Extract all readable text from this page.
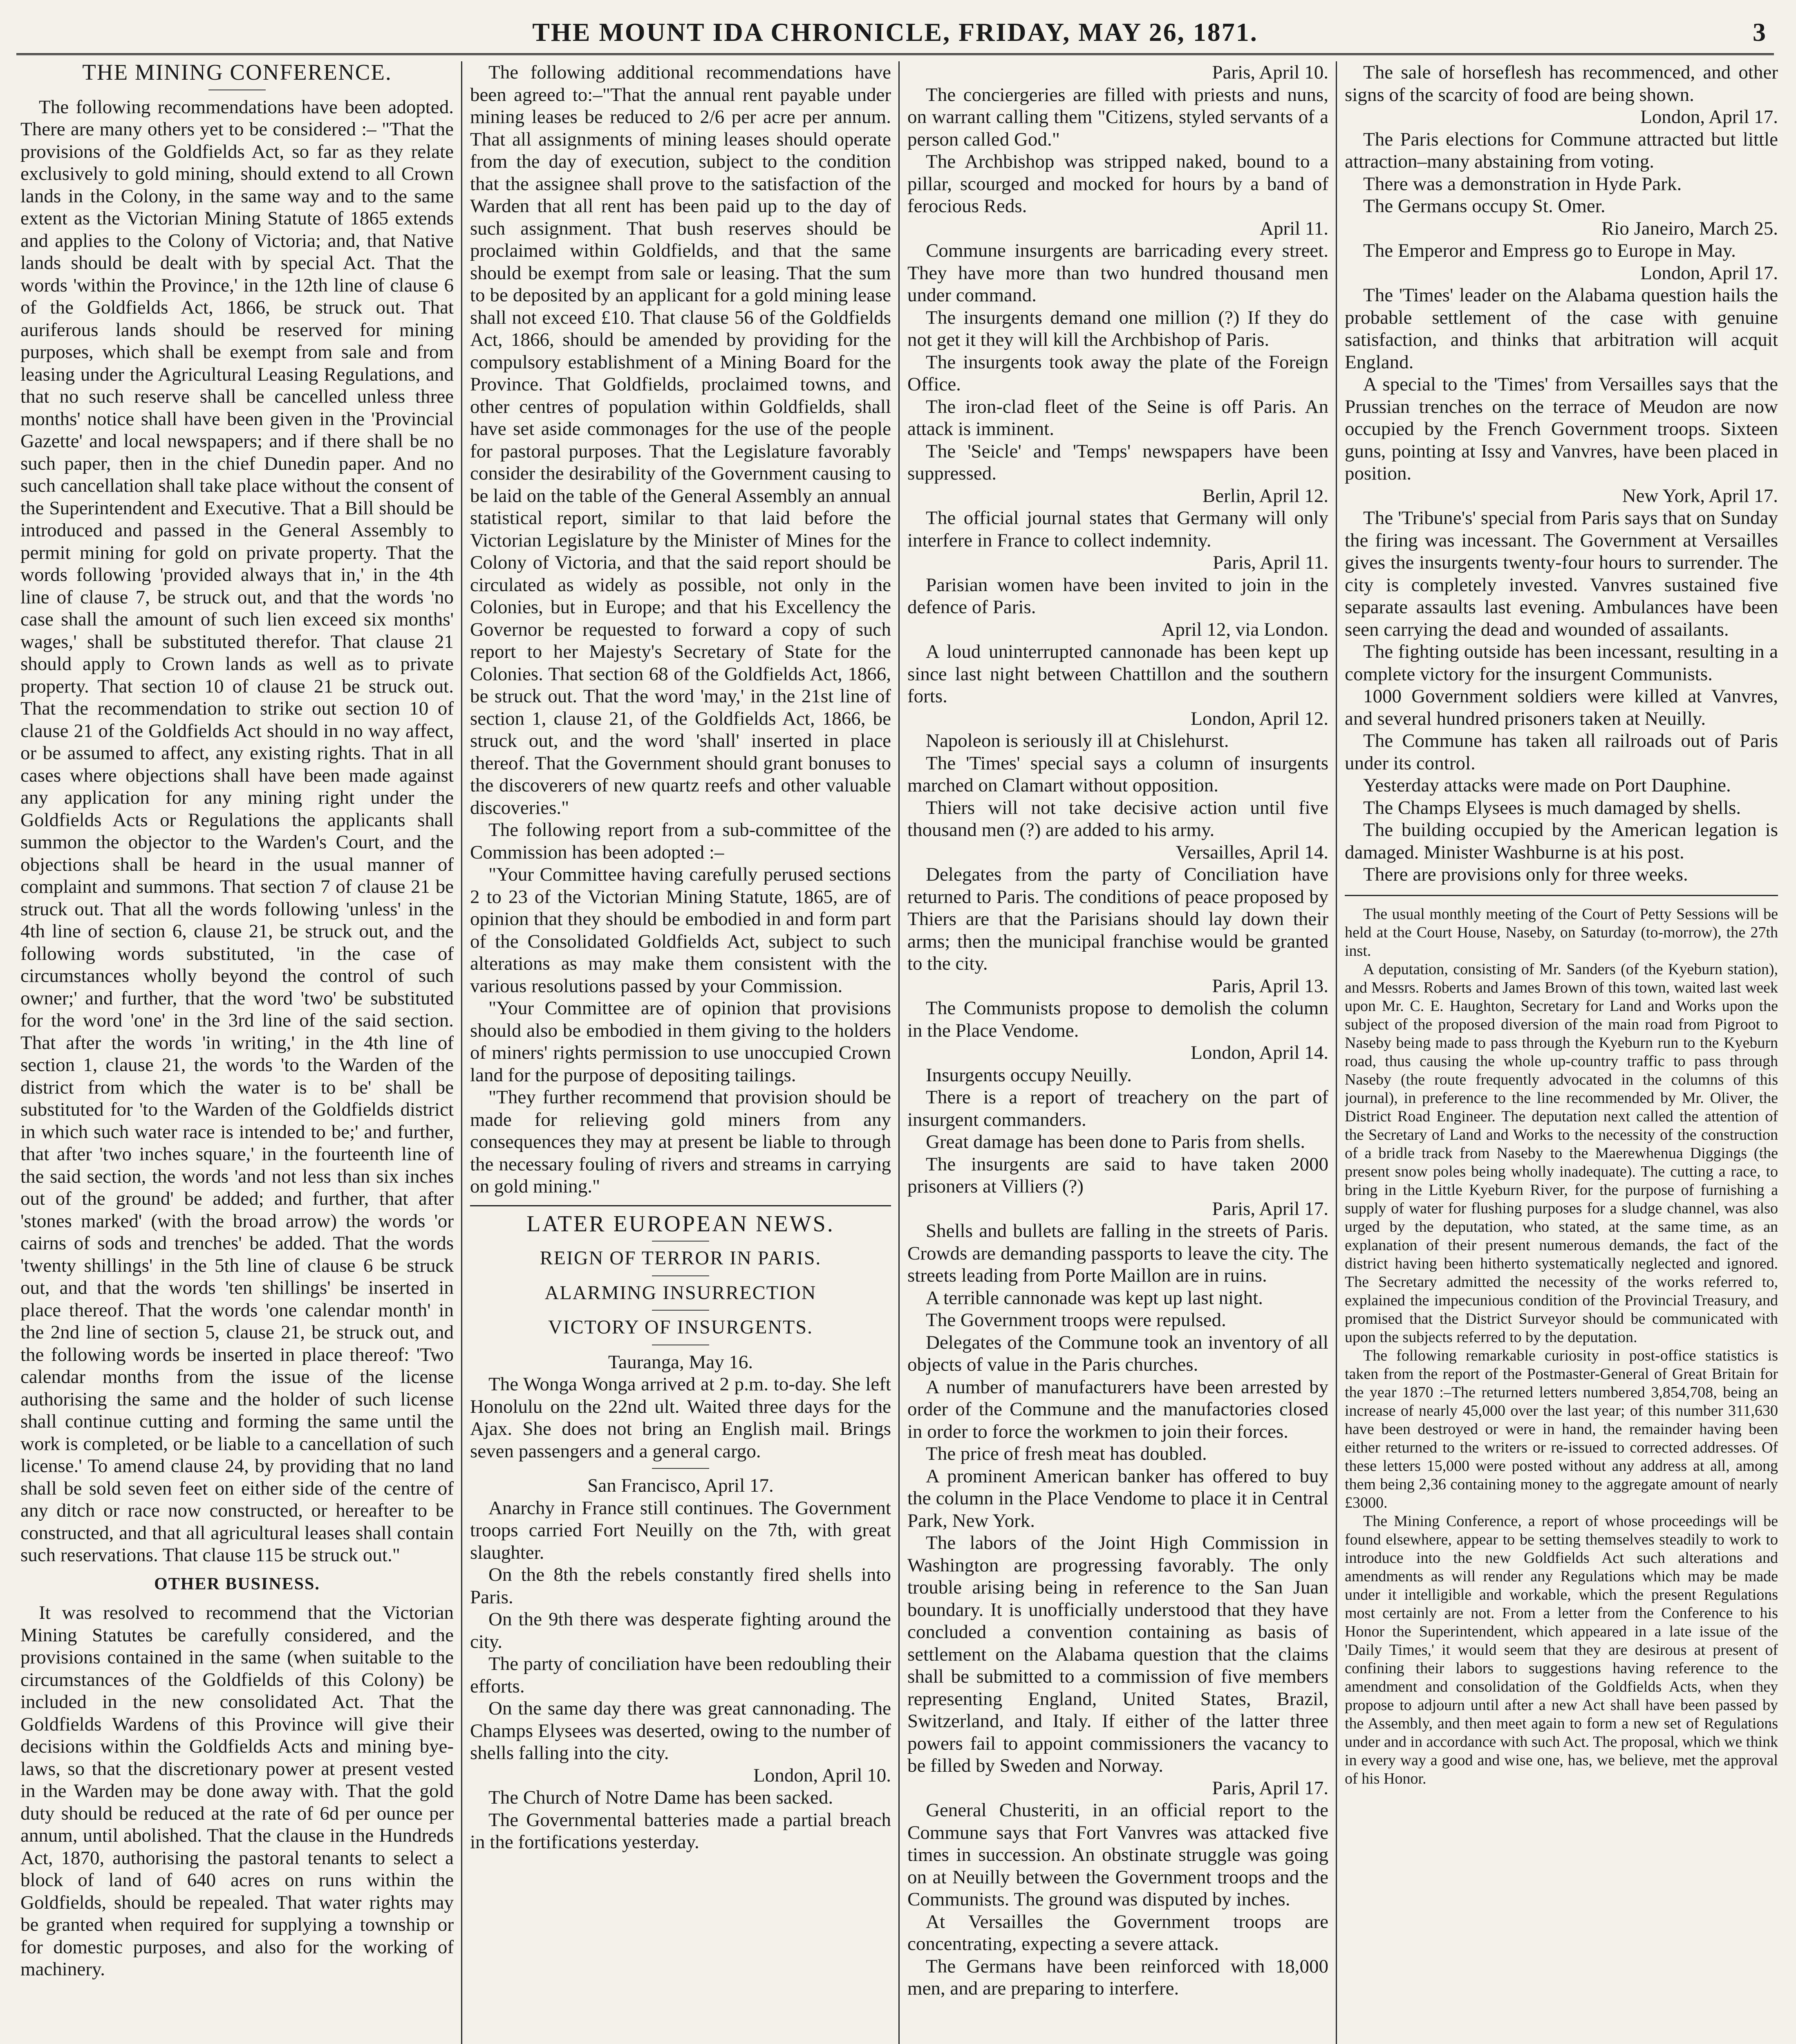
THE MOUNT IDA CHRONICLE, FRIDAY, MAY 26, 1871.	3
THE MINING CONFERENCE.

The following recommendations have been adopted. There are many others yet to be considered :– "That the provisions of the Goldfields Act, so far as they relate exclusively to gold mining, should extend to all Crown lands in the Colony, in the same way and to the same extent as the Victorian Mining Statute of 1865 extends and applies to the Colony of Victoria; and, that Native lands should be dealt with by special Act. That the words 'within the Province,' in the 12th line of clause 6 of the Goldfields Act, 1866, be struck out. That auriferous lands should be reserved for mining purposes, which shall be exempt from sale and from leasing under the Agricultural Leasing Regulations, and that no such reserve shall be cancelled unless three months' notice shall have been given in the 'Provincial Gazette' and local newspapers; and if there shall be no such paper, then in the chief Dunedin paper. And no such cancellation shall take place without the consent of the Superintendent and Executive. That a Bill should be introduced and passed in the General Assembly to permit mining for gold on private property. That the words following 'provided always that in,' in the 4th line of clause 7, be struck out, and that the words 'no case shall the amount of such lien exceed six months' wages,' shall be substituted therefor. That clause 21 should apply to Crown lands as well as to private property. That section 10 of clause 21 be struck out. That the recommendation to strike out section 10 of clause 21 of the Goldfields Act should in no way affect, or be assumed to affect, any existing rights. That in all cases where objections shall have been made against any application for any mining right under the Goldfields Acts or Regulations the applicants shall summon the objector to the Warden's Court, and the objections shall be heard in the usual manner of complaint and summons. That section 7 of clause 21 be struck out. That all the words following 'unless' in the 4th line of section 6, clause 21, be struck out, and the following words substituted, 'in the case of circumstances wholly beyond the control of such owner;' and further, that the word 'two' be substituted for the word 'one' in the 3rd line of the said section. That after the words 'in writing,' in the 4th line of section 1, clause 21, the words 'to the Warden of the district from which the water is to be' shall be substituted for 'to the Warden of the Goldfields district in which such water race is intended to be;' and further, that after 'two inches square,' in the fourteenth line of the said section, the words 'and not less than six inches out of the ground' be added; and further, that after 'stones marked' (with the broad arrow) the words 'or cairns of sods and trenches' be added. That the words 'twenty shillings' in the 5th line of clause 6 be struck out, and that the words 'ten shillings' be inserted in place thereof. That the words 'one calendar month' in the 2nd line of section 5, clause 21, be struck out, and the following words be inserted in place thereof: 'Two calendar months from the issue of the license authorising the same and the holder of such license shall continue cutting and forming the same until the work is completed, or be liable to a cancellation of such license.' To amend clause 24, by providing that no land shall be sold seven feet on either side of the centre of any ditch or race now constructed, or hereafter to be constructed, and that all agricultural leases shall contain such reservations. That clause 115 be struck out."

OTHER BUSINESS.

It was resolved to recommend that the Victorian Mining Statutes be carefully considered, and the provisions contained in the same (when suitable to the circumstances of the Goldfields of this Colony) be included in the new consolidated Act. That the Goldfields Wardens of this Province will give their decisions within the Goldfields Acts and mining bye-laws, so that the discretionary power at present vested in the Warden may be done away with. That the gold duty should be reduced at the rate of 6d per ounce per annum, until abolished. That the clause in the Hundreds Act, 1870, authorising the pastoral tenants to select a block of land of 640 acres on runs within the Goldfields, should be repealed. That water rights may be granted when required for supplying a township or for domestic purposes, and also for the working of machinery.

The following additional recommendations have been agreed to:–"That the annual rent payable under mining leases be reduced to 2/6 per acre per annum. That all assignments of mining leases should operate from the day of execution, subject to the condition that the assignee shall prove to the satisfaction of the Warden that all rent has been paid up to the day of such assignment. That bush reserves should be proclaimed within Goldfields, and that the same should be exempt from sale or leasing. That the sum to be deposited by an applicant for a gold mining lease shall not exceed £10. That clause 56 of the Goldfields Act, 1866, should be amended by providing for the compulsory establishment of a Mining Board for the Province. That Goldfields, proclaimed towns, and other centres of population within Goldfields, shall have set aside commonages for the use of the people for pastoral purposes. That the Legislature favorably consider the desirability of the Government causing to be laid on the table of the General Assembly an annual statistical report, similar to that laid before the Victorian Legislature by the Minister of Mines for the Colony of Victoria, and that the said report should be circulated as widely as possible, not only in the Colonies, but in Europe; and that his Excellency the Governor be requested to forward a copy of such report to her Majesty's Secretary of State for the Colonies. That section 68 of the Goldfields Act, 1866, be struck out. That the word 'may,' in the 21st line of section 1, clause 21, of the Goldfields Act, 1866, be struck out, and the word 'shall' inserted in place thereof. That the Government should grant bonuses to the discoverers of new quartz reefs and other valuable discoveries."

The following report from a sub-committee of the Commission has been adopted :–

"Your Committee having carefully perused sections 2 to 23 of the Victorian Mining Statute, 1865, are of opinion that they should be embodied in and form part of the Consolidated Goldfields Act, subject to such alterations as may make them consistent with the various resolutions passed by your Commission.

"Your Committee are of opinion that provisions should also be embodied in them giving to the holders of miners' rights permission to use unoccupied Crown land for the purpose of depositing tailings.

"They further recommend that provision should be made for relieving gold miners from any consequences they may at present be liable to through the necessary fouling of rivers and streams in carrying on gold mining."

LATER EUROPEAN NEWS.
REIGN OF TERROR IN PARIS.
ALARMING INSURRECTION
VICTORY OF INSURGENTS.

Tauranga, May 16.

The Wonga Wonga arrived at 2 p.m. to-day. She left Honolulu on the 22nd ult. Waited three days for the Ajax. She does not bring an English mail. Brings seven passengers and a general cargo.

San Francisco, April 17.

Anarchy in France still continues. The Government troops carried Fort Neuilly on the 7th, with great slaughter.

On the 8th the rebels constantly fired shells into Paris.

On the 9th there was desperate fighting around the city.

The party of conciliation have been redoubling their efforts.

On the same day there was great cannonading. The Champs Elysees was deserted, owing to the number of shells falling into the city.

London, April 10.

The Church of Notre Dame has been sacked.

The Governmental batteries made a partial breach in the fortifications yesterday.

Paris, April 10.

The conciergeries are filled with priests and nuns, on warrant calling them "Citizens, styled servants of a person called God."

The Archbishop was stripped naked, bound to a pillar, scourged and mocked for hours by a band of ferocious Reds.

April 11.

Commune insurgents are barricading every street. They have more than two hundred thousand men under command.

The insurgents demand one million (?) If they do not get it they will kill the Archbishop of Paris.

The insurgents took away the plate of the Foreign Office.

The iron-clad fleet of the Seine is off Paris. An attack is imminent.

The 'Seicle' and 'Temps' newspapers have been suppressed.

Berlin, April 12.

The official journal states that Germany will only interfere in France to collect indemnity.

Paris, April 11.

Parisian women have been invited to join in the defence of Paris.

April 12, via London.

A loud uninterrupted cannonade has been kept up since last night between Chattillon and the southern forts.

London, April 12.

Napoleon is seriously ill at Chislehurst.

The 'Times' special says a column of insurgents marched on Clamart without opposition.

Thiers will not take decisive action until five thousand men (?) are added to his army.

Versailles, April 14.

Delegates from the party of Conciliation have returned to Paris. The conditions of peace proposed by Thiers are that the Parisians should lay down their arms; then the municipal franchise would be granted to the city.

Paris, April 13.

The Communists propose to demolish the column in the Place Vendome.

London, April 14.

Insurgents occupy Neuilly.

There is a report of treachery on the part of insurgent commanders.

Great damage has been done to Paris from shells.

The insurgents are said to have taken 2000 prisoners at Villiers (?)

Paris, April 17.

Shells and bullets are falling in the streets of Paris. Crowds are demanding passports to leave the city. The streets leading from Porte Maillon are in ruins.

A terrible cannonade was kept up last night.

The Government troops were repulsed.

Delegates of the Commune took an inventory of all objects of value in the Paris churches.

A number of manufacturers have been arrested by order of the Commune and the manufactories closed in order to force the workmen to join their forces.

The price of fresh meat has doubled.

A prominent American banker has offered to buy the column in the Place Vendome to place it in Central Park, New York.

The labors of the Joint High Commission in Washington are progressing favorably. The only trouble arising being in reference to the San Juan boundary. It is unofficially understood that they have concluded a convention containing as basis of settlement on the Alabama question that the claims shall be submitted to a commission of five members representing England, United States, Brazil, Switzerland, and Italy. If either of the latter three powers fail to appoint commissioners the vacancy to be filled by Sweden and Norway.

Paris, April 17.

General Chusteriti, in an official report to the Commune says that Fort Vanvres was attacked five times in succession. An obstinate struggle was going on at Neuilly between the Government troops and the Communists. The ground was disputed by inches.

At Versailles the Government troops are concentrating, expecting a severe attack.

The Germans have been reinforced with 18,000 men, and are preparing to interfere.

The sale of horseflesh has recommenced, and other signs of the scarcity of food are being shown.

London, April 17.

The Paris elections for Commune attracted but little attraction–many abstaining from voting.

There was a demonstration in Hyde Park.

The Germans occupy St. Omer.

Rio Janeiro, March 25.

The Emperor and Empress go to Europe in May.

London, April 17.

The 'Times' leader on the Alabama question hails the probable settlement of the case with genuine satisfaction, and thinks that arbitration will acquit England.

A special to the 'Times' from Versailles says that the Prussian trenches on the terrace of Meudon are now occupied by the French Government troops. Sixteen guns, pointing at Issy and Vanvres, have been placed in position.

New York, April 17.

The 'Tribune's' special from Paris says that on Sunday the firing was incessant. The Government at Versailles gives the insurgents twenty-four hours to surrender. The city is completely invested. Vanvres sustained five separate assaults last evening. Ambulances have been seen carrying the dead and wounded of assailants.

The fighting outside has been incessant, resulting in a complete victory for the insurgent Communists.

1000 Government soldiers were killed at Vanvres, and several hundred prisoners taken at Neuilly.

The Commune has taken all railroads out of Paris under its control.

Yesterday attacks were made on Port Dauphine.

The Champs Elysees is much damaged by shells.

The building occupied by the American legation is damaged. Minister Washburne is at his post.

There are provisions only for three weeks.

The usual monthly meeting of the Court of Petty Sessions will be held at the Court House, Naseby, on Saturday (to-morrow), the 27th inst.

A deputation, consisting of Mr. Sanders (of the Kyeburn station), and Messrs. Roberts and James Brown of this town, waited last week upon Mr. C. E. Haughton, Secretary for Land and Works upon the subject of the proposed diversion of the main road from Pigroot to Naseby being made to pass through the Kyeburn run to the Kyeburn road, thus causing the whole up-country traffic to pass through Naseby (the route frequently advocated in the columns of this journal), in preference to the line recommended by Mr. Oliver, the District Road Engineer. The deputation next called the attention of the Secretary of Land and Works to the necessity of the construction of a bridle track from Naseby to the Maerewhenua Diggings (the present snow poles being wholly inadequate). The cutting a race, to bring in the Little Kyeburn River, for the purpose of furnishing a supply of water for flushing purposes for a sludge channel, was also urged by the deputation, who stated, at the same time, as an explanation of their present numerous demands, the fact of the district having been hitherto systematically neglected and ignored. The Secretary admitted the necessity of the works referred to, explained the impecunious condition of the Provincial Treasury, and promised that the District Surveyor should be communicated with upon the subjects referred to by the deputation.

The following remarkable curiosity in post-office statistics is taken from the report of the Postmaster-General of Great Britain for the year 1870 :–The returned letters numbered 3,854,708, being an increase of nearly 45,000 over the last year; of this number 311,630 have been destroyed or were in hand, the remainder having been either returned to the writers or re-issued to corrected addresses. Of these letters 15,000 were posted without any address at all, among them being 2,36 containing money to the aggregate amount of nearly £3000.

The Mining Conference, a report of whose proceedings will be found elsewhere, appear to be setting themselves steadily to work to introduce into the new Goldfields Act such alterations and amendments as will render any Regulations which may be made under it intelligible and workable, which the present Regulations most certainly are not. From a letter from the Conference to his Honor the Superintendent, which appeared in a late issue of the 'Daily Times,' it would seem that they are desirous at present of confining their labors to suggestions having reference to the amendment and consolidation of the Goldfields Acts, when they propose to adjourn until after a new Act shall have been passed by the Assembly, and then meet again to form a new set of Regulations under and in accordance with such Act. The proposal, which we think in every way a good and wise one, has, we believe, met the approval of his Honor.
